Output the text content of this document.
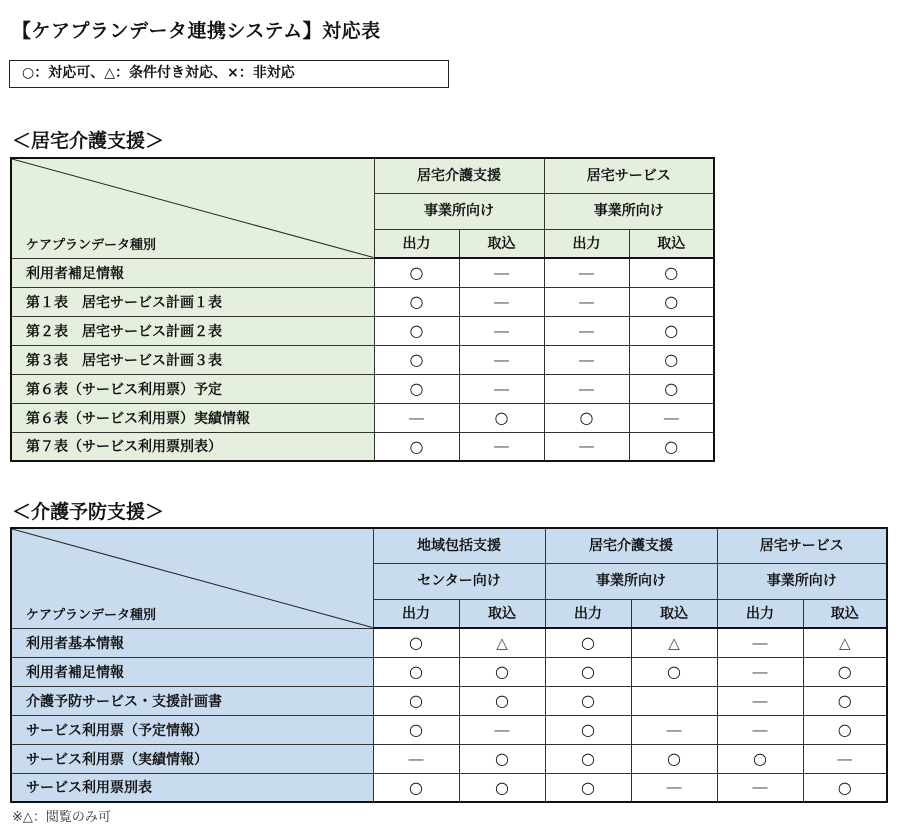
【ケアプランデータ連携システム】対応表
○：対応可、△：条件付き対応、×：非対応
＜居宅介護支援＞
ケアプランデータ種別	居宅介護支援		居宅サービス	
	事業所向け		事業所向け	
	出力	取込	出力	取込
利用者補足情報	○	―	―	○
第１表　居宅サービス計画１表	○	―	―	○
第２表　居宅サービス計画２表	○	―	―	○
第３表　居宅サービス計画３表	○	―	―	○
第６表（サービス利用票）予定	○	―	―	○
第６表（サービス利用票）実績情報	―	○	○	―
第７表（サービス利用票別表）	○	―	―	○
＜介護予防支援＞
ケアプランデータ種別	地域包括支援		居宅介護支援		居宅サービス	
	センター向け		事業所向け		事業所向け	
	出力	取込	出力	取込	出力	取込
利用者基本情報	○	△	○	△	―	△
利用者補足情報	○	○	○	○	―	○
介護予防サービス・支援計画書	○	○	○		―	○
サービス利用票（予定情報）	○	―	○	―	―	○
サービス利用票（実績情報）	―	○	○	○	○	―
サービス利用票別表	○	○	○	―	―	○
※△：閲覧のみ可
